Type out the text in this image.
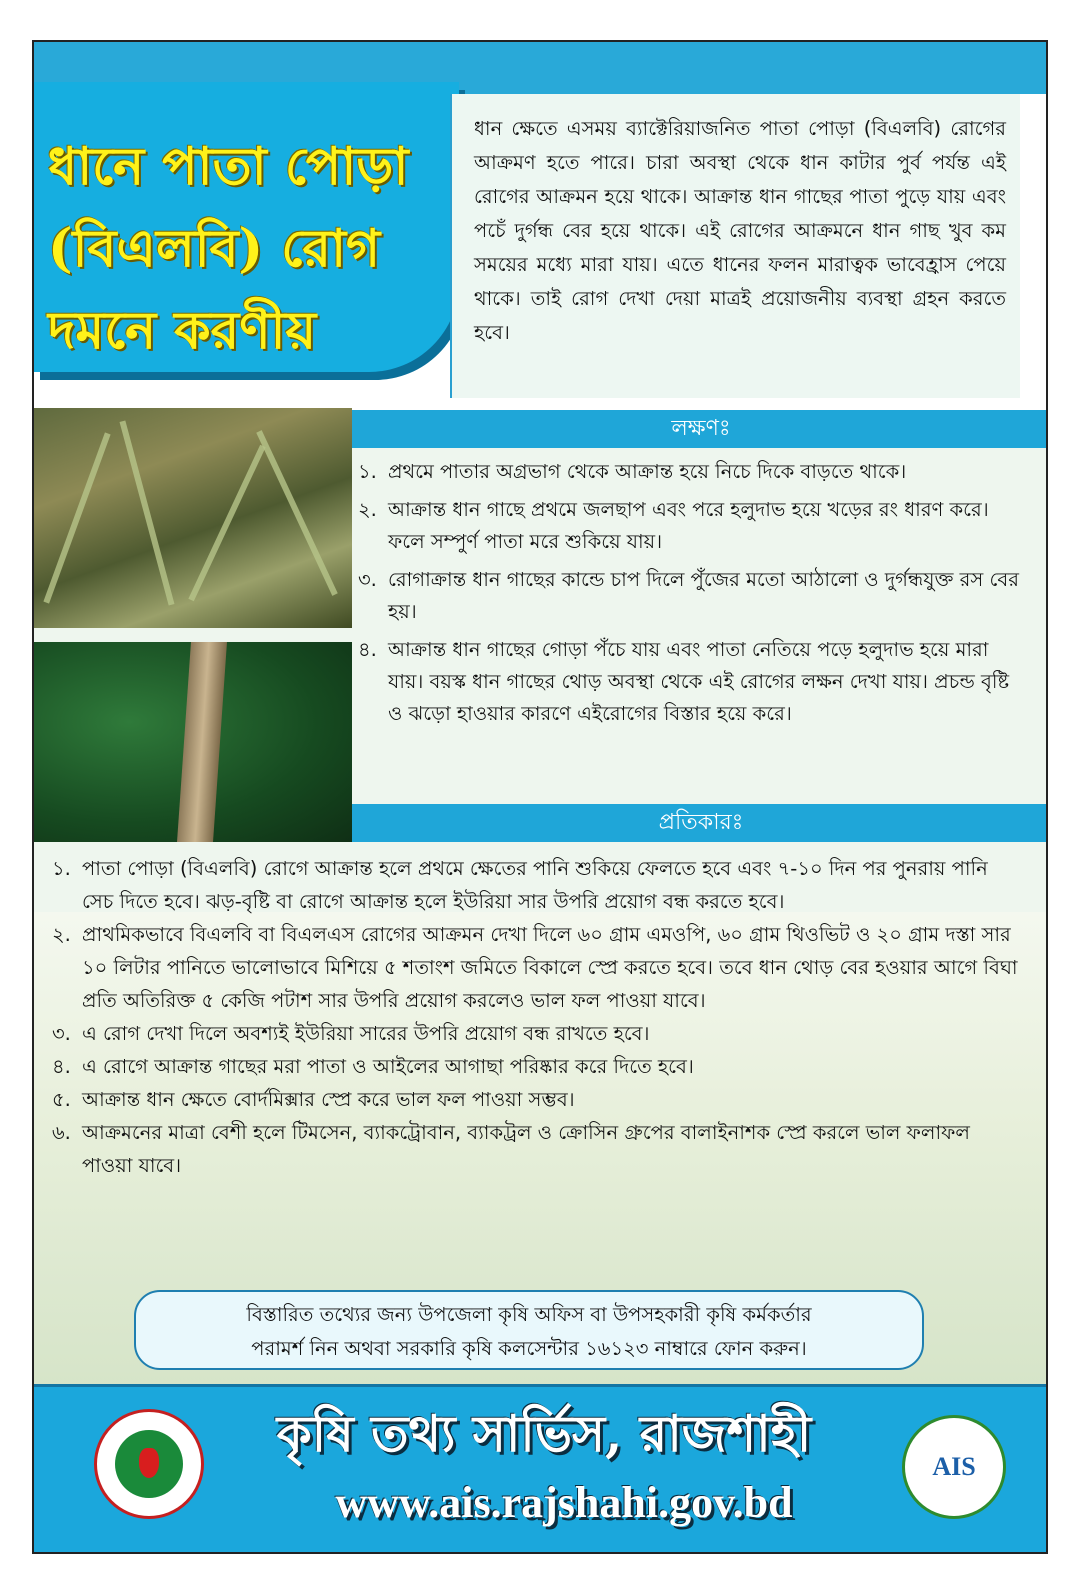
ধানে পাতা পোড়া
(বিএলবি) রোগ
দমনে করণীয়
ধান ক্ষেতে এসময় ব্যাক্টেরিয়াজনিত পাতা পোড়া (বিএলবি) রোগের আক্রমণ হতে পারে। চারা অবস্থা থেকে ধান কাটার পুর্ব পর্যন্ত এই রোগের আক্রমন হয়ে থাকে। আক্রান্ত ধান গাছের পাতা পুড়ে যায় এবং পচেঁ দুর্গন্ধ বের হয়ে থাকে। এই রোগের আক্রমনে ধান গাছ খুব কম সময়ের মধ্যে মারা যায়। এতে ধানের ফলন মারাত্বক ভাবেহ্রাস পেয়ে থাকে। তাই রোগ দেখা দেয়া মাত্রই প্রয়োজনীয় ব্যবস্থা গ্রহন করতে হবে।
লক্ষণঃ
১. প্রথমে পাতার অগ্রভাগ থেকে আক্রান্ত হয়ে নিচে দিকে বাড়তে থাকে।
২. আক্রান্ত ধান গাছে প্রথমে জলছাপ এবং পরে হলুদাভ হয়ে খড়ের রং ধারণ করে। ফলে সম্পুর্ণ পাতা মরে শুকিয়ে যায়।
৩. রোগাক্রান্ত ধান গাছের কান্ডে চাপ দিলে পুঁজের মতো আঠালো ও দুর্গন্ধযুক্ত রস বের হয়।
৪. আক্রান্ত ধান গাছের গোড়া পঁচে যায় এবং পাতা নেতিয়ে পড়ে হলুদাভ হয়ে মারা যায়। বয়স্ক ধান গাছের থোড় অবস্থা থেকে এই রোগের লক্ষন দেখা যায়। প্রচন্ড বৃষ্টি ও ঝড়ো হাওয়ার কারণে এইরোগের বিস্তার হয়ে করে।
প্রতিকারঃ
১. পাতা পোড়া (বিএলবি) রোগে আক্রান্ত হলে প্রথমে ক্ষেতের পানি শুকিয়ে ফেলতে হবে এবং ৭-১০ দিন পর পুনরায় পানি সেচ দিতে হবে। ঝড়-বৃষ্টি বা রোগে আক্রান্ত হলে ইউরিয়া সার উপরি প্রয়োগ বন্ধ করতে হবে।
২. প্রাথমিকভাবে বিএলবি বা বিএলএস রোগের আক্রমন দেখা দিলে ৬০ গ্রাম এমওপি, ৬০ গ্রাম থিওভিট ও ২০ গ্রাম দস্তা সার ১০ লিটার পানিতে ভালোভাবে মিশিয়ে ৫ শতাংশ জমিতে বিকালে স্প্রে করতে হবে। তবে ধান থোড় বের হওয়ার আগে বিঘা প্রতি অতিরিক্ত ৫ কেজি পটাশ সার উপরি প্রয়োগ করলেও ভাল ফল পাওয়া যাবে।
৩. এ রোগ দেখা দিলে অবশ্যই ইউরিয়া সারের উপরি প্রয়োগ বন্ধ রাখতে হবে।
৪. এ রোগে আক্রান্ত গাছের মরা পাতা ও আইলের আগাছা পরিষ্কার করে দিতে হবে।
৫. আক্রান্ত ধান ক্ষেতে বোর্দমিক্সার স্প্রে করে ভাল ফল পাওয়া সম্ভব।
৬. আক্রমনের মাত্রা বেশী হলে টিমসেন, ব্যাকট্রোবান, ব্যাকট্রল ও ক্রোসিন গ্রুপের বালাইনাশক স্প্রে করলে ভাল ফলাফল পাওয়া যাবে।
বিস্তারিত তথ্যের জন্য উপজেলা কৃষি অফিস বা উপসহকারী কৃষি কর্মকর্তার
পরামর্শ নিন অথবা সরকারি কৃষি কলসেন্টার ১৬১২৩ নাম্বারে ফোন করুন।
কৃষি তথ্য সার্ভিস, রাজশাহী
www.ais.rajshahi.gov.bd
AIS
